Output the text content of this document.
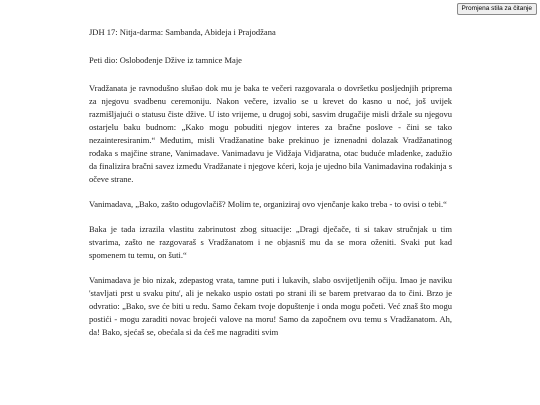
Promjena stila za čitanje

JDH 17: Nitja-darma: Sambanda, Abideja i Prajodžana

Peti dio: Oslobođenje Džive iz tamnice Maje

Vradžanata je ravnodušno slušao dok mu je baka te večeri razgovarala o dovršetku posljednjih priprema za njegovu svadbenu ceremoniju. Nakon večere, izvalio se u krevet do kasno u noć, još uvijek razmišljajući o statusu čiste džive. U isto vrijeme, u drugoj sobi, sasvim drugačije misli držale su njegovu ostarjelu baku budnom: „Kako mogu pobuditi njegov interes za bračne poslove - čini se tako nezainteresiranim.“ Međutim, misli Vradžanatine bake prekinuo je iznenadni dolazak Vradžanatinog rođaka s majčine strane, Vanimadave. Vanimadavu je Vidžaja Vidjaratna, otac buduće mladenke, zadužio da finalizira bračni savez između Vradžanate i njegove kćeri, koja je ujedno bila Vanimadavina rođakinja s očeve strane.

Vanimadava, „Bako, zašto odugovlačiš? Molim te, organiziraj ovo vjenčanje kako treba - to ovisi o tebi.“

Baka je tada izrazila vlastitu zabrinutost zbog situacije: „Dragi dječače, ti si takav stručnjak u tim stvarima, zašto ne razgovaraš s Vradžanatom i ne objasniš mu da se mora oženiti. Svaki put kad spomenem tu temu, on šuti.“

Vanimadava je bio nizak, zdepastog vrata, tamne puti i lukavih, slabo osvijetljenih očiju. Imao je naviku 'stavljati prst u svaku pitu', ali je nekako uspio ostati po strani ili se barem pretvarao da to čini. Brzo je odvratio: „Bako, sve će biti u redu. Samo čekam tvoje dopuštenje i onda mogu početi. Već znaš što mogu postići - mogu zaraditi novac brojeći valove na moru! Samo da započnem ovu temu s Vradžanatom. Ah, da! Bako, sjećaš se, obećala si da ćeš me nagraditi svim
